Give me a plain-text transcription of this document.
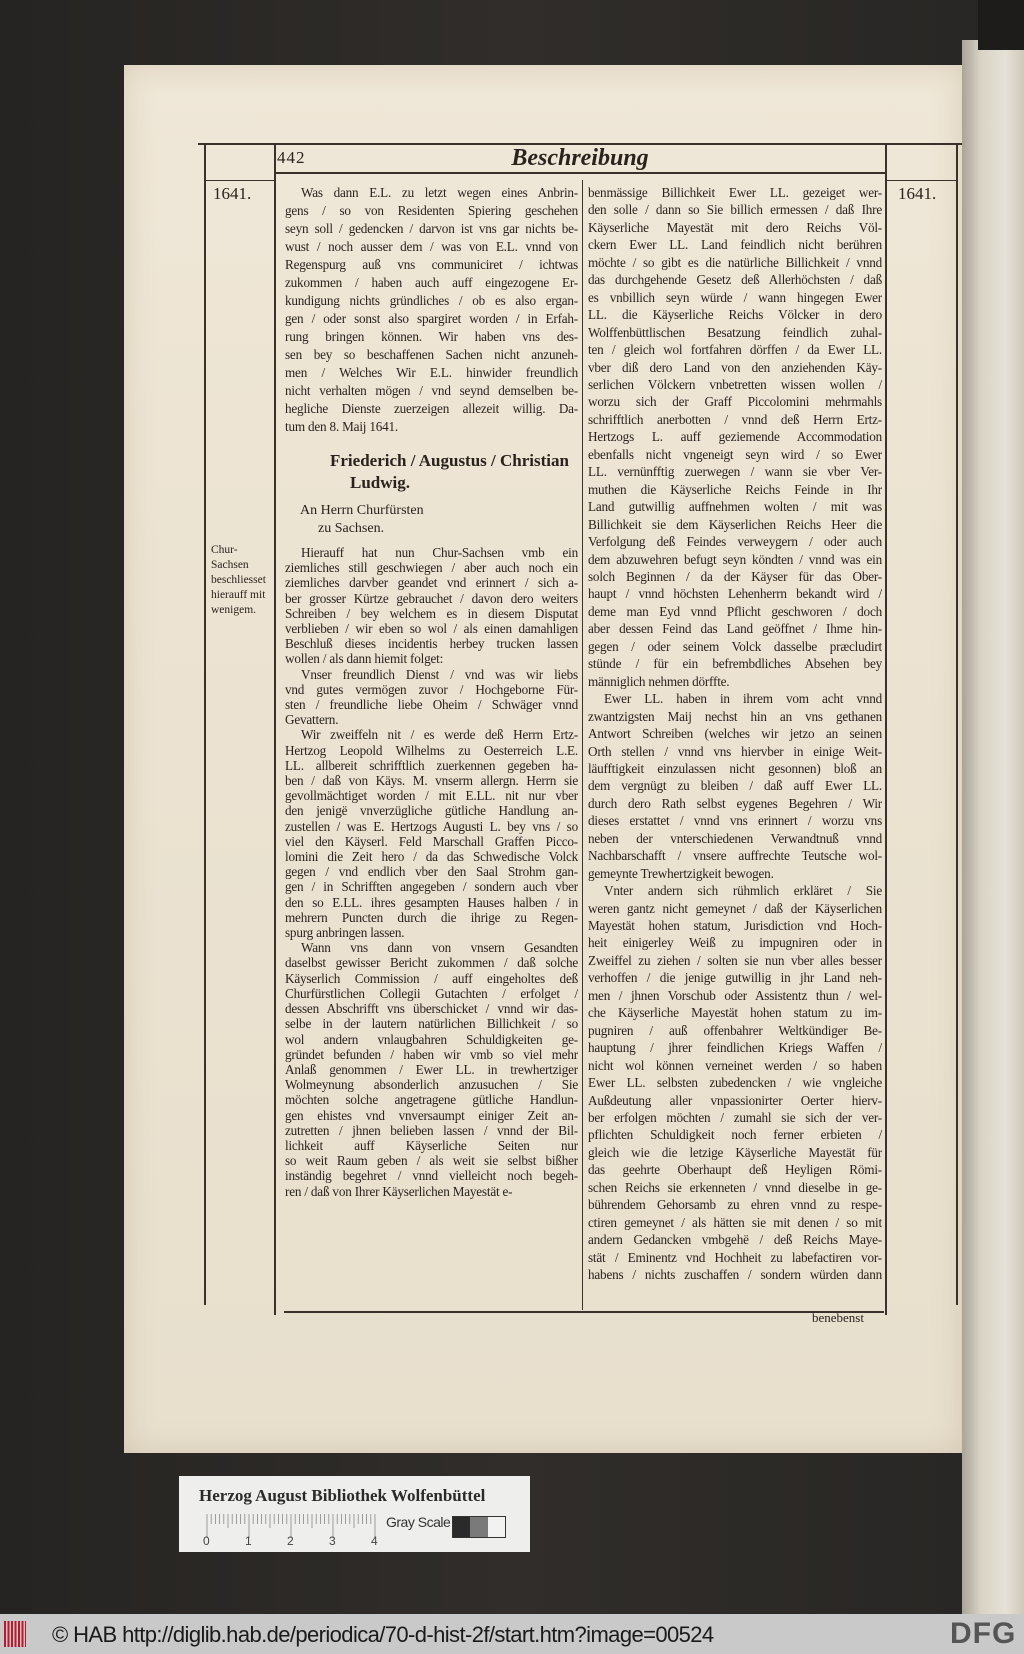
442	Beschreibung
1641.	1641.
Chur-
Sachsen
beschliesset
hierauff mit
wenigem.
Was dann E.L. zu letzt wegen eines Anbrin-
gens / so von Residenten Spiering geschehen
seyn soll / gedencken / darvon ist vns gar nichts be-
wust / noch ausser dem / was von E.L. vnnd von
Regenspurg auß vns communiciret / ichtwas
zukommen / haben auch auff eingezogene Er-
kundigung nichts gründliches / ob es also ergan-
gen / oder sonst also spargiret worden / in Erfah-
rung bringen können. Wir haben vns des-
sen bey so beschaffenen Sachen nicht anzuneh-
men / Welches Wir E.L. hinwider freundlich
nicht verhalten mögen / vnd seynd demselben be-
hegliche Dienste zuerzeigen allezeit willig. Da-
tum den 8. Maij 1641.
Friederich / Augustus / Christian
Ludwig.
An Herrn Churfürsten
zu Sachsen.
Hierauff hat nun Chur-Sachsen vmb ein
ziemliches still geschwiegen / aber auch noch ein
ziemliches darvber geandet vnd erinnert / sich a-
ber grosser Kürtze gebrauchet / davon dero weiters
Schreiben / bey welchem es in diesem Disputat
verblieben / wir eben so wol / als einen damahligen
Beschluß dieses incidentis herbey trucken lassen
wollen / als dann hiemit folget:
Vnser freundlich Dienst / vnd was wir liebs
vnd gutes vermögen zuvor / Hochgeborne Für-
sten / freundliche liebe Oheim / Schwäger vnnd
Gevattern.
Wir zweiffeln nit / es werde deß Herrn Ertz-
Hertzog Leopold Wilhelms zu Oesterreich L.E.
LL. allbereit schrifftlich zuerkennen gegeben ha-
ben / daß von Käys. M. vnserm allergn. Herrn sie
gevollmächtiget worden / mit E.LL. nit nur vber
den jenigë vnverzügliche gütliche Handlung an-
zustellen / was E. Hertzogs Augusti L. bey vns / so
viel den Käyserl. Feld Marschall Graffen Picco-
lomini die Zeit hero / da das Schwedische Volck
gegen / vnd endlich vber den Saal Strohm gan-
gen / in Schrifften angegeben / sondern auch vber
den so E.LL. ihres gesampten Hauses halben / in
mehrern Puncten durch die ihrige zu Regen-
spurg anbringen lassen.
Wann vns dann von vnsern Gesandten
daselbst gewisser Bericht zukommen / daß solche
Käyserlich Commission / auff eingeholtes deß
Churfürstlichen Collegii Gutachten / erfolget /
dessen Abschrifft vns überschicket / vnnd wir das-
selbe in der lautern natürlichen Billichkeit / so
wol andern vnlaugbahren Schuldigkeiten ge-
gründet befunden / haben wir vmb so viel mehr
Anlaß genommen / Ewer LL. in trewhertziger
Wolmeynung absonderlich anzusuchen / Sie
möchten solche angetragene gütliche Handlun-
gen ehistes vnd vnversaumpt einiger Zeit an-
zutretten / jhnen belieben lassen / vnnd der Bil-
lichkeit auff Käyserliche Seiten nur
so weit Raum geben / als weit sie selbst bißher
inständig begehret / vnnd vielleicht noch begeh-
ren / daß von Ihrer Käyserlichen Mayestät e-
benmässige Billichkeit Ewer LL. gezeiget wer-
den solle / dann so Sie billich ermessen / daß Ihre
Käyserliche Mayestät mit dero Reichs Völ-
ckern Ewer LL. Land feindlich nicht berühren
möchte / so gibt es die natürliche Billichkeit / vnnd
das durchgehende Gesetz deß Allerhöchsten / daß
es vnbillich seyn würde / wann hingegen Ewer
LL. die Käyserliche Reichs Völcker in dero
Wolffenbüttlischen Besatzung feindlich zuhal-
ten / gleich wol fortfahren dörffen / da Ewer LL.
vber diß dero Land von den anziehenden Käy-
serlichen Völckern vnbetretten wissen wollen /
worzu sich der Graff Piccolomini mehrmahls
schrifftlich anerbotten / vnnd deß Herrn Ertz-
Hertzogs L. auff geziemende Accommodation
ebenfalls nicht vngeneigt seyn wird / so Ewer
LL. vernünfftig zuerwegen / wann sie vber Ver-
muthen die Käyserliche Reichs Feinde in Ihr
Land gutwillig auffnehmen wolten / mit was
Billichkeit sie dem Käyserlichen Reichs Heer die
Verfolgung deß Feindes verweygern / oder auch
dem abzuwehren befugt seyn köndten / vnnd was ein
solch Beginnen / da der Käyser für das Ober-
haupt / vnnd höchsten Lehenherrn bekandt wird /
deme man Eyd vnnd Pflicht geschworen / doch
aber dessen Feind das Land geöffnet / Ihme hin-
gegen / oder seinem Volck dasselbe præcludirt
stünde / für ein befrembdliches Absehen bey
männiglich nehmen dörffte.
Ewer LL. haben in ihrem vom acht vnnd
zwantzigsten Maij nechst hin an vns gethanen
Antwort Schreiben (welches wir jetzo an seinen
Orth stellen / vnnd vns hiervber in einige Weit-
läufftigkeit einzulassen nicht gesonnen) bloß an
dem vergnügt zu bleiben / daß auff Ewer LL.
durch dero Rath selbst eygenes Begehren / Wir
dieses erstattet / vnnd vns erinnert / worzu vns
neben der vnterschiedenen Verwandtnuß vnnd
Nachbarschafft / vnsere auffrechte Teutsche wol-
gemeynte Trewhertzigkeit bewogen.
Vnter andern sich rühmlich erkläret / Sie
weren gantz nicht gemeynet / daß der Käyserlichen
Mayestät hohen statum, Jurisdiction vnd Hoch-
heit einigerley Weiß zu impugniren oder in
Zweiffel zu ziehen / solten sie nun vber alles besser
verhoffen / die jenige gutwillig in jhr Land neh-
men / jhnen Vorschub oder Assistentz thun / wel-
che Käyserliche Mayestät hohen statum zu im-
pugniren / auß offenbahrer Weltkündiger Be-
hauptung / jhrer feindlichen Kriegs Waffen /
nicht wol können verneinet werden / so haben
Ewer LL. selbsten zubedencken / wie vngleiche
Außdeutung aller vnpassionirter Oerter hierv-
ber erfolgen möchten / zumahl sie sich der ver-
pflichten Schuldigkeit noch ferner erbieten /
gleich wie die letzige Käyserliche Mayestät für
das geehrte Oberhaupt deß Heyligen Römi-
schen Reichs sie erkenneten / vnnd dieselbe in ge-
bührendem Gehorsamb zu ehren vnnd zu respe-
ctiren gemeynet / als hätten sie mit denen / so mit
andern Gedancken vmbgehë / deß Reichs Maye-
stät / Eminentz vnd Hochheit zu labefactiren vor-
habens / nichts zuschaffen / sondern würden dann
benebenst
Herzog August Bibliothek Wolfenbüttel
0	1	2	3	4
Gray Scale
© HAB http://diglib.hab.de/periodica/70-d-hist-2f/start.htm?image=00524	DFG
